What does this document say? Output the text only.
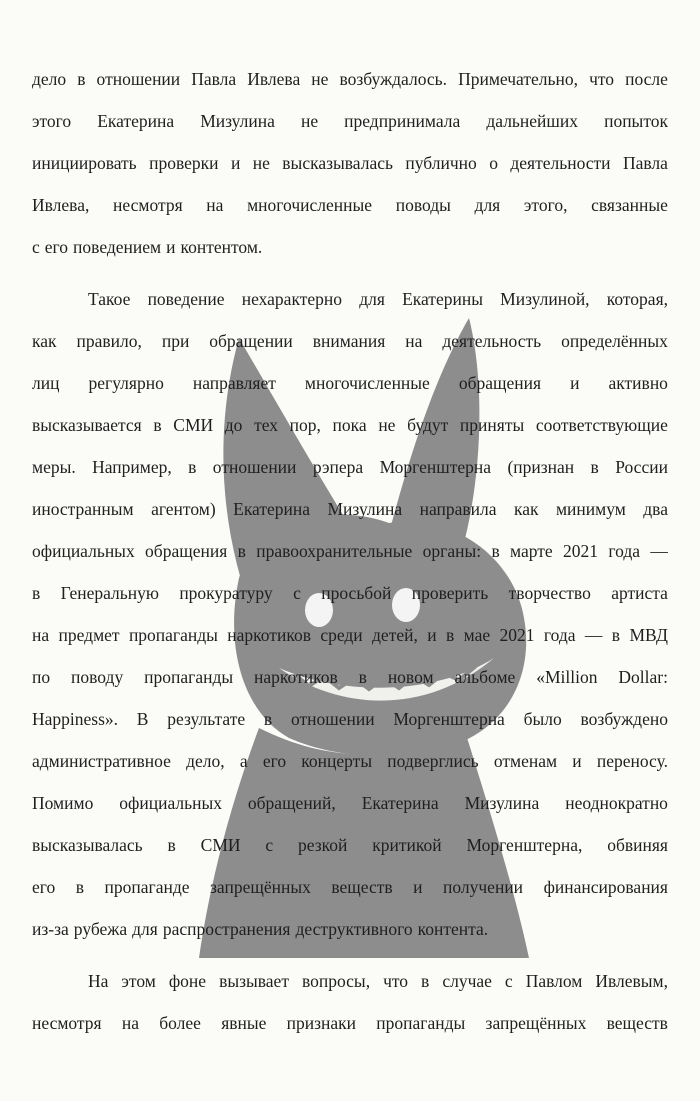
дело в отношении Павла Ивлева не возбуждалось. Примечательно, что после
этого Екатерина Мизулина не предпринимала дальнейших попыток
инициировать проверки и не высказывалась публично о деятельности Павла
Ивлева, несмотря на многочисленные поводы для этого, связанные
с его поведением и контентом.

Такое поведение нехарактерно для Екатерины Мизулиной, которая,
как правило, при обращении внимания на деятельность определённых
лиц регулярно направляет многочисленные обращения и активно
высказывается в СМИ до тех пор, пока не будут приняты соответствующие
меры. Например, в отношении рэпера Моргенштерна (признан в России
иностранным агентом) Екатерина Мизулина направила как минимум два
официальных обращения в правоохранительные органы: в марте 2021 года —
в Генеральную прокуратуру с просьбой проверить творчество артиста
на предмет пропаганды наркотиков среди детей, и в мае 2021 года — в МВД
по поводу пропаганды наркотиков в новом альбоме «Million Dollar:
Happiness». В результате в отношении Моргенштерна было возбуждено
административное дело, а его концерты подверглись отменам и переносу.
Помимо официальных обращений, Екатерина Мизулина неоднократно
высказывалась в СМИ с резкой критикой Моргенштерна, обвиняя
его в пропаганде запрещённых веществ и получении финансирования
из-за рубежа для распространения деструктивного контента.

На этом фоне вызывает вопросы, что в случае с Павлом Ивлевым,
несмотря на более явные признаки пропаганды запрещённых веществ
